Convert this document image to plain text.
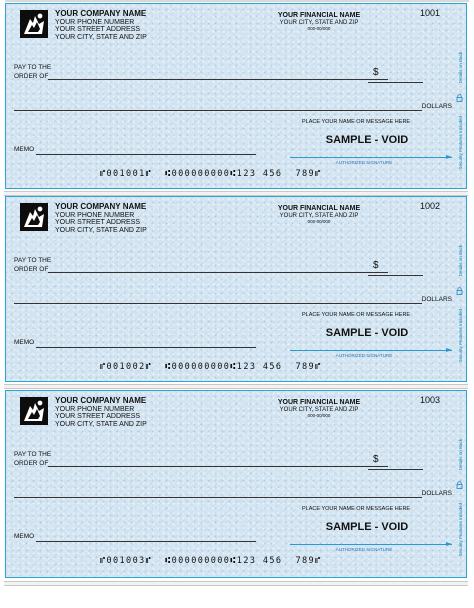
YOUR COMPANY NAME
YOUR PHONE NUMBER
YOUR STREET ADDRESS
YOUR CITY, STATE AND ZIP
YOUR FINANCIAL NAME
YOUR CITY, STATE AND ZIP
000-00/000
1001
PAY TO THE
ORDER OF	$
DOLLARS
PLACE YOUR NAME OR MESSAGE HERE
SAMPLE - VOID
MEMO
AUTHORIZED SIGNATURE
⑈001001⑈  ⑆000000000⑆123 456  789⑈
Details on Back
Security Features Included
YOUR COMPANY NAME
YOUR PHONE NUMBER
YOUR STREET ADDRESS
YOUR CITY, STATE AND ZIP
YOUR FINANCIAL NAME
YOUR CITY, STATE AND ZIP
000-00/000
1002
PAY TO THE
ORDER OF	$
DOLLARS
PLACE YOUR NAME OR MESSAGE HERE
SAMPLE - VOID
MEMO
AUTHORIZED SIGNATURE
⑈001002⑈  ⑆000000000⑆123 456  789⑈
Details on Back
Security Features Included
YOUR COMPANY NAME
YOUR PHONE NUMBER
YOUR STREET ADDRESS
YOUR CITY, STATE AND ZIP
YOUR FINANCIAL NAME
YOUR CITY, STATE AND ZIP
000-00/000
1003
PAY TO THE
ORDER OF	$
DOLLARS
PLACE YOUR NAME OR MESSAGE HERE
SAMPLE - VOID
MEMO
AUTHORIZED SIGNATURE
⑈001003⑈  ⑆000000000⑆123 456  789⑈
Details on Back
Security Features Included
